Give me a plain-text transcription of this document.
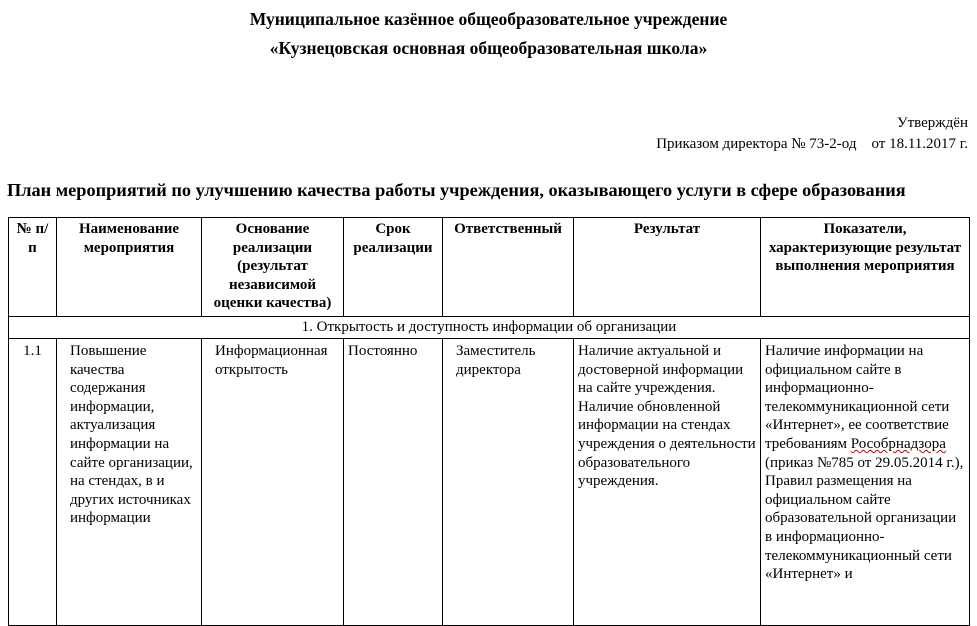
Муниципальное казённое общеобразовательное учреждение
«Кузнецовская основная общеобразовательная школа»
Утверждён
Приказом директора № 73-2-од    от 18.11.2017 г.
План мероприятий по улучшению качества работы учреждения, оказывающего услуги в сфере образования
№ п/п	Наименование мероприятия	Основание реализации (результат независимой оценки качества)	Срок реализации	Ответственный	Результат	Показатели, характеризующие результат выполнения мероприятия
1. Открытость и доступность информации об организации						
1.1	Повышение качества содержания информации, актуализация информации на сайте организации, на стендах, в и других источниках информации	Информационная открытость	Постоянно	Заместитель директора	Наличие актуальной и достоверной информации на сайте учреждения. Наличие обновленной информации на стендах учреждения о деятельности образовательного учреждения.	Наличие информации на официальном сайте в информационно-телекоммуникационной сети «Интернет», ее соответствие требованиям Рособрнадзора (приказ №785 от 29.05.2014 г.), Правил размещения на официальном сайте образовательной организации в информационно-телекоммуникационный сети «Интернет» и
